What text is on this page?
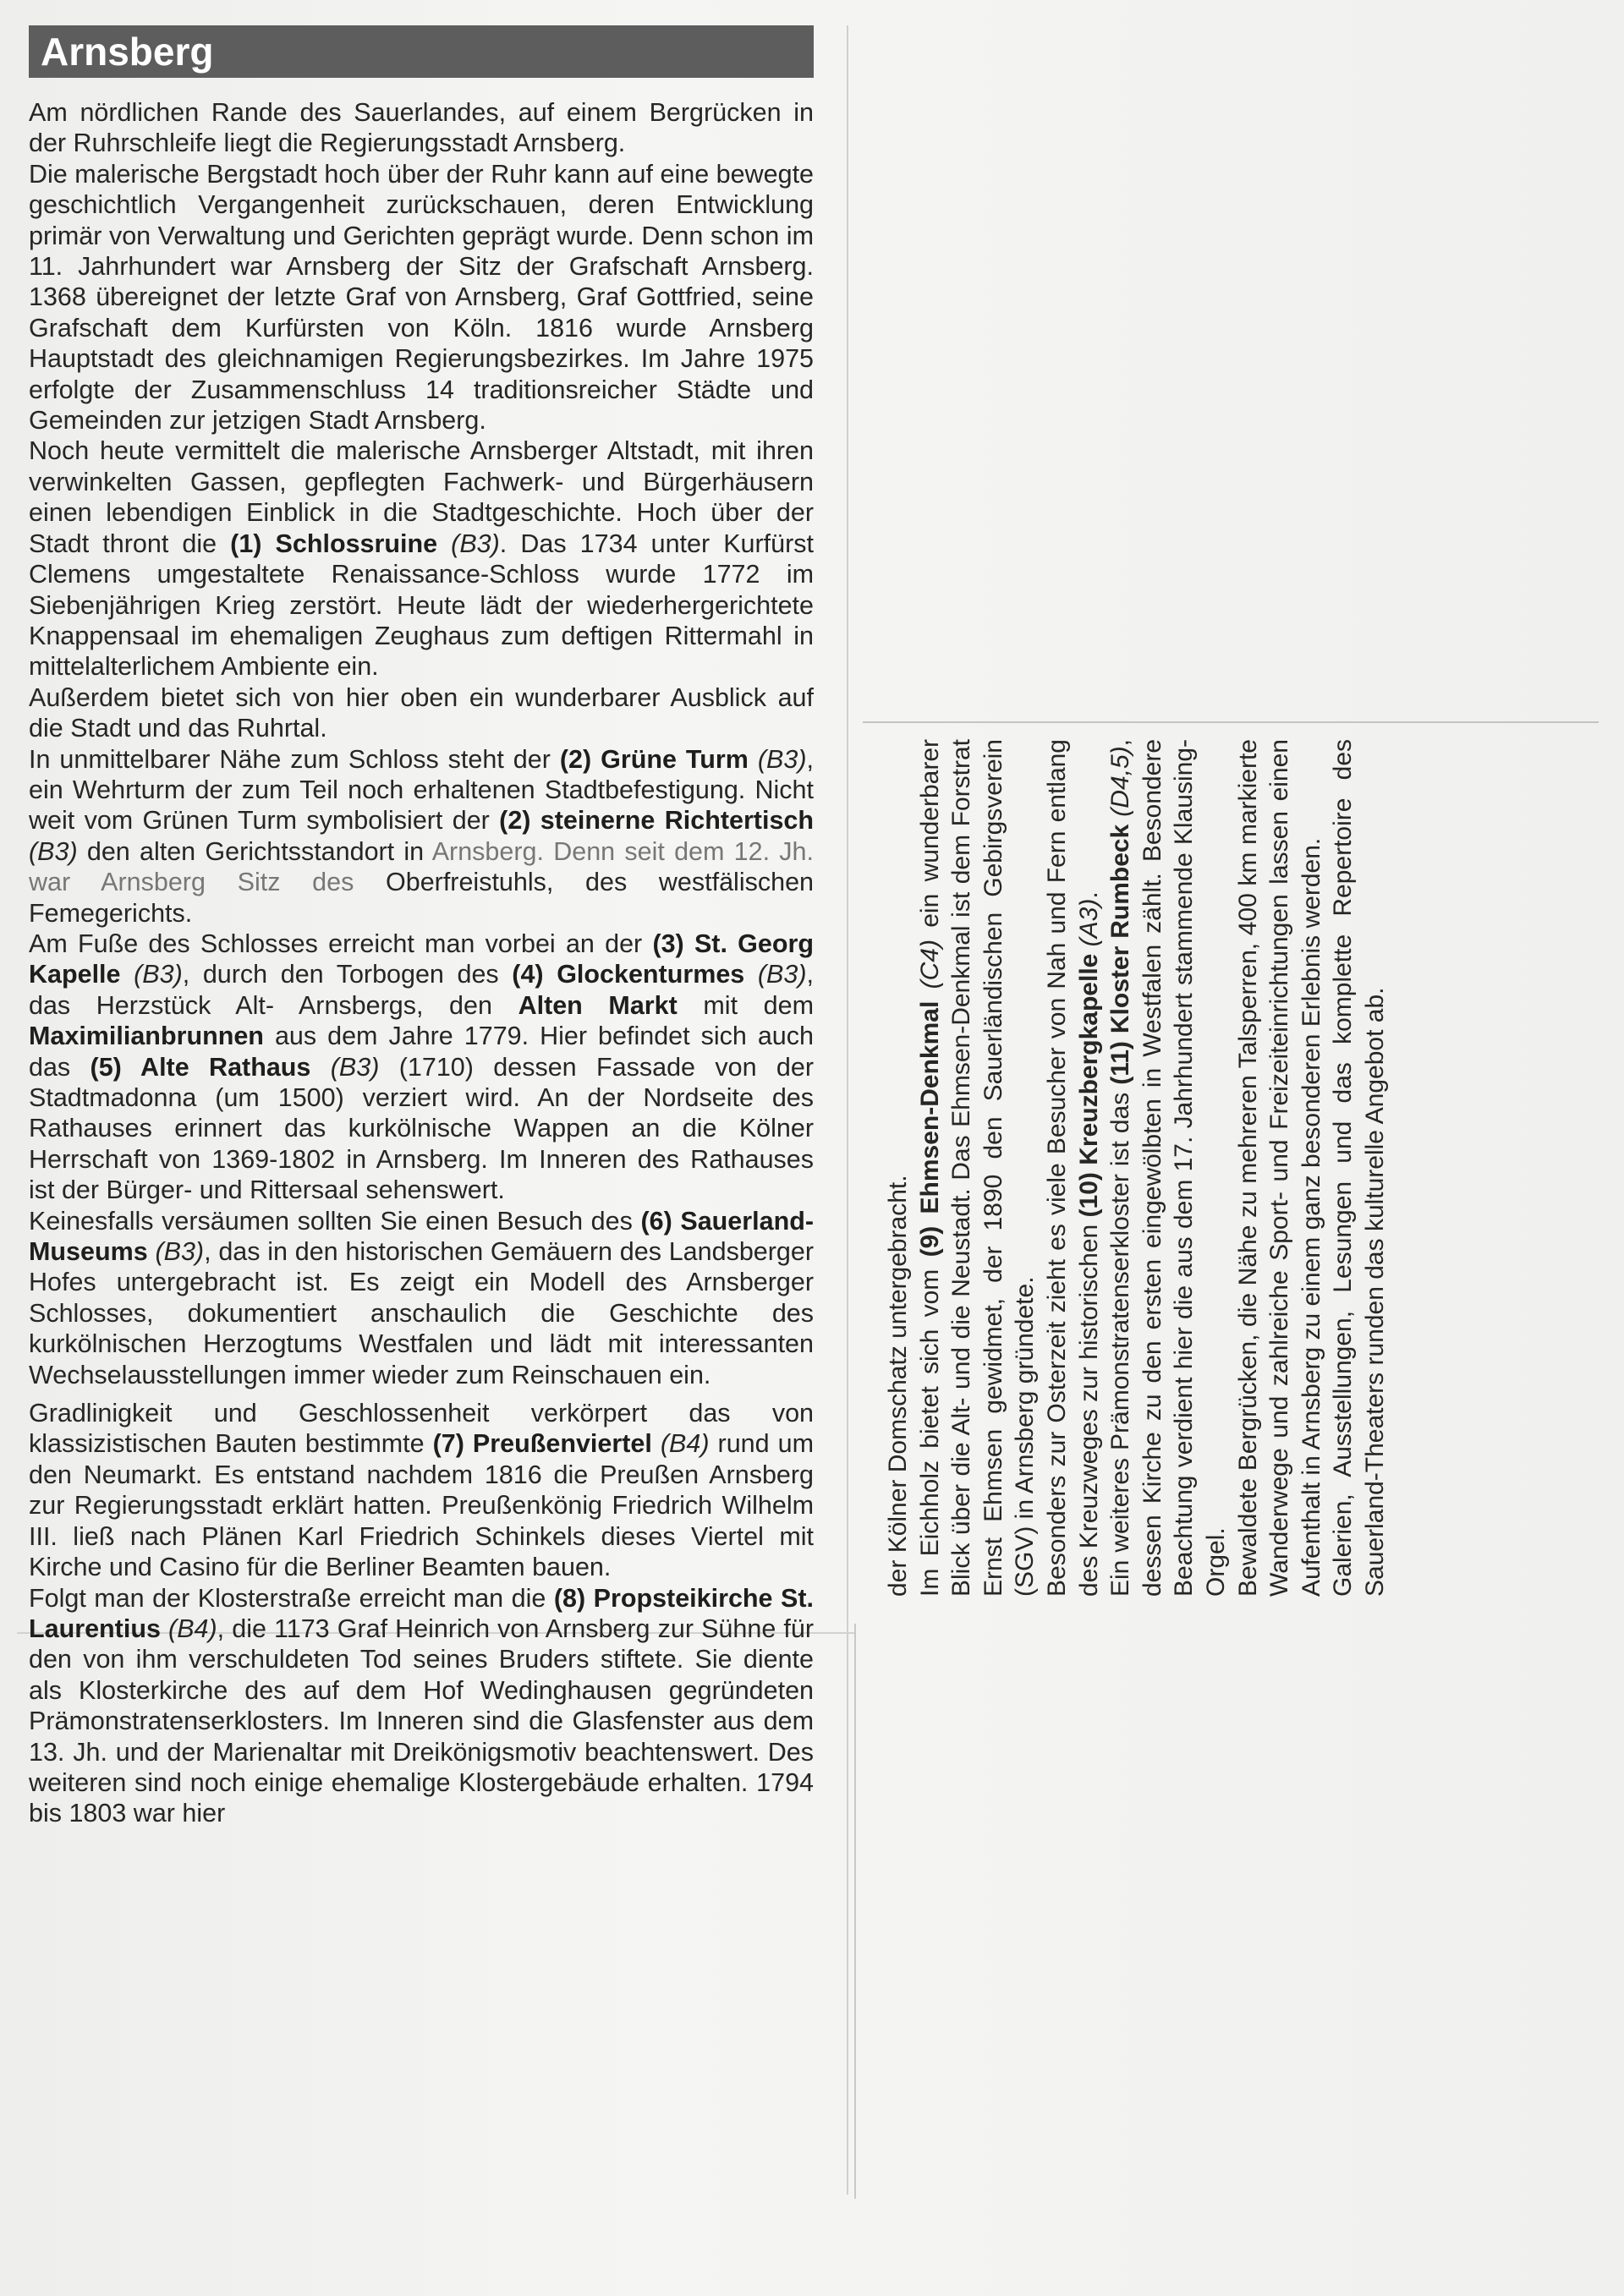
Arnsberg

Am nördlichen Rande des Sauerlandes, auf einem Bergrücken in der Ruhrschleife liegt die Regierungsstadt Arnsberg.

Die malerische Bergstadt hoch über der Ruhr kann auf eine bewegte geschichtlich Vergangenheit zurückschauen, deren Entwicklung primär von Verwaltung und Gerichten geprägt wurde. Denn schon im 11. Jahrhundert war Arnsberg der Sitz der Grafschaft Arnsberg. 1368 übereignet der letzte Graf von Arnsberg, Graf Gottfried, seine Grafschaft dem Kurfürsten von Köln. 1816 wurde Arnsberg Hauptstadt des gleichnamigen Regierungsbezirkes. Im Jahre 1975 erfolgte der Zusammenschluss 14 traditionsreicher Städte und Gemeinden zur jetzigen Stadt Arnsberg.

Noch heute vermittelt die malerische Arnsberger Altstadt, mit ihren verwinkelten Gassen, gepflegten Fachwerk- und Bürgerhäusern einen lebendigen Einblick in die Stadtgeschichte. Hoch über der Stadt thront die (1) Schlossruine (B3). Das 1734 unter Kurfürst Clemens umgestaltete Renaissance-Schloss wurde 1772 im Siebenjährigen Krieg zerstört. Heute lädt der wiederhergerichtete Knappensaal im ehemaligen Zeughaus zum deftigen Rittermahl in mittelalterlichem Ambiente ein.

Außerdem bietet sich von hier oben ein wunderbarer Ausblick auf die Stadt und das Ruhrtal.

In unmittelbarer Nähe zum Schloss steht der (2) Grüne Turm (B3), ein Wehrturm der zum Teil noch erhaltenen Stadtbefestigung. Nicht weit vom Grünen Turm symbolisiert der (2) steinerne Richtertisch (B3) den alten Gerichtsstandort in Arnsberg. Denn seit dem 12. Jh. war Arnsberg Sitz des Oberfreistuhls, des westfälischen Femegerichts.

Am Fuße des Schlosses erreicht man vorbei an der (3) St. Georg Kapelle (B3), durch den Torbogen des (4) Glockenturmes (B3), das Herzstück Alt- Arnsbergs, den Alten Markt mit dem Maximilianbrunnen aus dem Jahre 1779. Hier befindet sich auch das (5) Alte Rathaus (B3) (1710) dessen Fassade von der Stadtmadonna (um 1500) verziert wird. An der Nordseite des Rathauses erinnert das kurkölnische Wappen an die Kölner Herrschaft von 1369-1802 in Arnsberg. Im Inneren des Rathauses ist der Bürger- und Rittersaal sehenswert.

Keinesfalls versäumen sollten Sie einen Besuch des (6) Sauerland-Museums (B3), das in den historischen Gemäuern des Landsberger Hofes untergebracht ist. Es zeigt ein Modell des Arnsberger Schlosses, dokumentiert anschaulich die Geschichte des kurkölnischen Herzogtums Westfalen und lädt mit interessanten Wechselausstellungen immer wieder zum Reinschauen ein.

Gradlinigkeit und Geschlossenheit verkörpert das von klassizistischen Bauten bestimmte (7) Preußenviertel (B4) rund um den Neumarkt. Es entstand nachdem 1816 die Preußen Arnsberg zur Regierungsstadt erklärt hatten. Preußenkönig Friedrich Wilhelm III. ließ nach Plänen Karl Friedrich Schinkels dieses Viertel mit Kirche und Casino für die Berliner Beamten bauen.

Folgt man der Klosterstraße erreicht man die (8) Propsteikirche St. Laurentius (B4), die 1173 Graf Heinrich von Arnsberg zur Sühne für den von ihm verschuldeten Tod seines Bruders stiftete. Sie diente als Klosterkirche des auf dem Hof Wedinghausen gegründeten Prämonstratenserklosters. Im Inneren sind die Glasfenster aus dem 13. Jh. und der Marienaltar mit Dreikönigsmotiv beachtenswert. Des weiteren sind noch einige ehemalige Klostergebäude erhalten. 1794 bis 1803 war hier

der Kölner Domschatz untergebracht. Im Eichholz bietet sich vom (9) Ehmsen-Denkmal (C4) ein wunderbarer Blick über die Alt- und die Neustadt. Das Ehmsen-Denkmal ist dem Forstrat Ernst Ehmsen gewidmet, der 1890 den Sauerländischen Gebirgsverein (SGV) in Arnsberg gründete. Besonders zur Osterzeit zieht es viele Besucher von Nah und Fern entlang des Kreuzweges zur historischen (10) Kreuzbergkapelle (A3).

Ein weiteres Prämonstratenserkloster ist das (11) Kloster Rumbeck (D4,5), dessen Kirche zu den ersten eingewölbten in Westfalen zählt. Besondere Beachtung verdient hier die aus dem 17. Jahrhundert stammende Klausing-Orgel. Bewaldete Bergrücken, die Nähe zu mehreren Talsperren, 400 km markierte Wanderwege und zahlreiche Sport- und Freizeiteinrichtungen lassen einen Aufenthalt in Arnsberg zu einem ganz besonderen Erlebnis werden. Galerien, Ausstellungen, Lesungen und das komplette Repertoire des Sauerland-Theaters runden das kulturelle Angebot ab.
